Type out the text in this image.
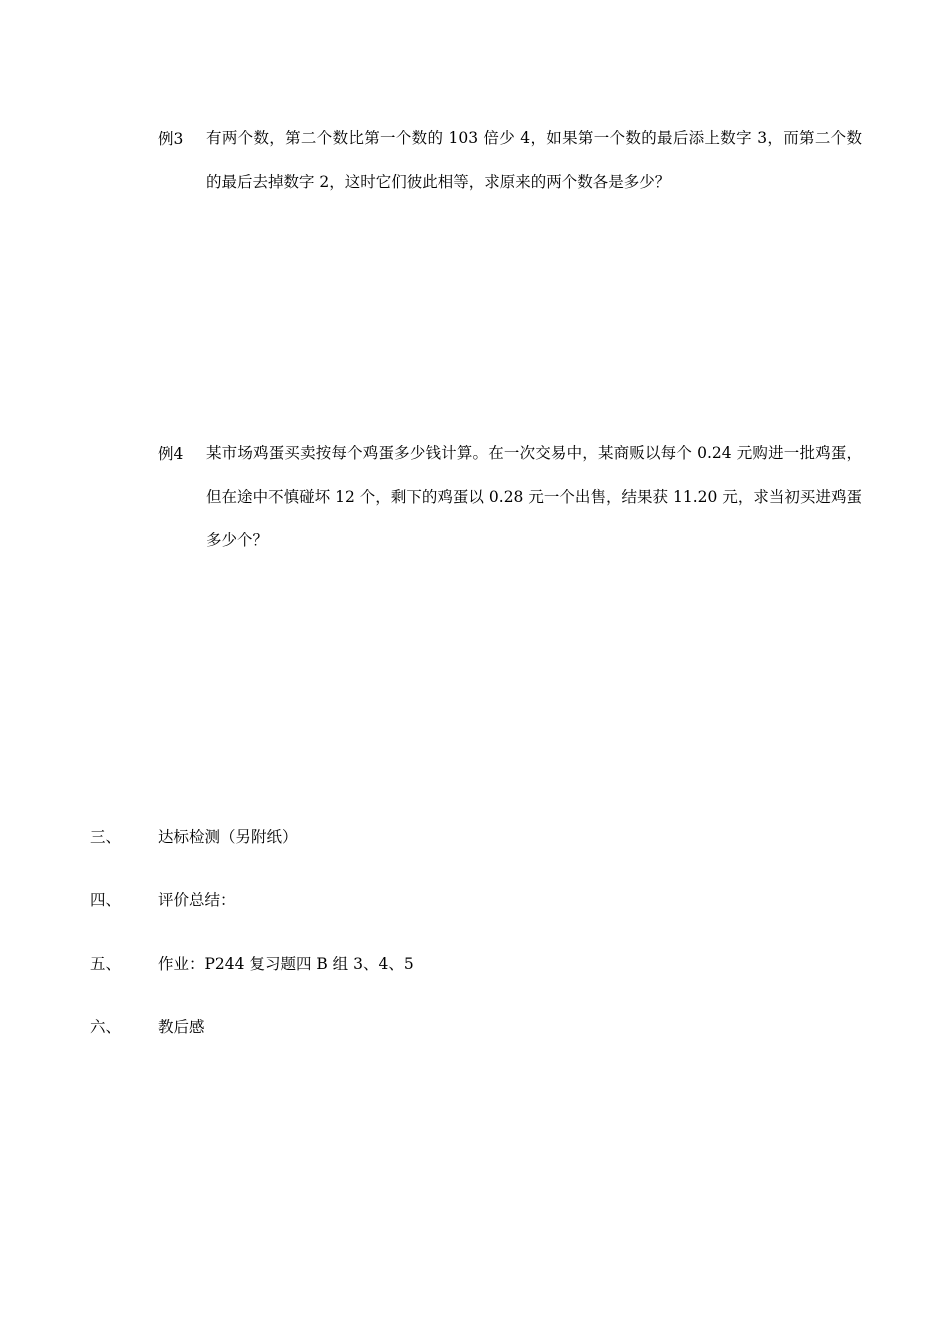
例3	有两个数，第二个数比第一个数的 103 倍少 4，如果第一个数的最后添上数字 3，而第二个数的最后去掉数字 2，这时它们彼此相等，求原来的两个数各是多少？
例4	某市场鸡蛋买卖按每个鸡蛋多少钱计算。在一次交易中，某商贩以每个 0.24 元购进一批鸡蛋，但在途中不慎碰坏 12 个，剩下的鸡蛋以 0.28 元一个出售，结果获 11.20 元，求当初买进鸡蛋多少个？
三、 达标检测（另附纸）
四、 评价总结：
五、 作业：P244 复习题四 B 组 3、4、5
六、 教后感
